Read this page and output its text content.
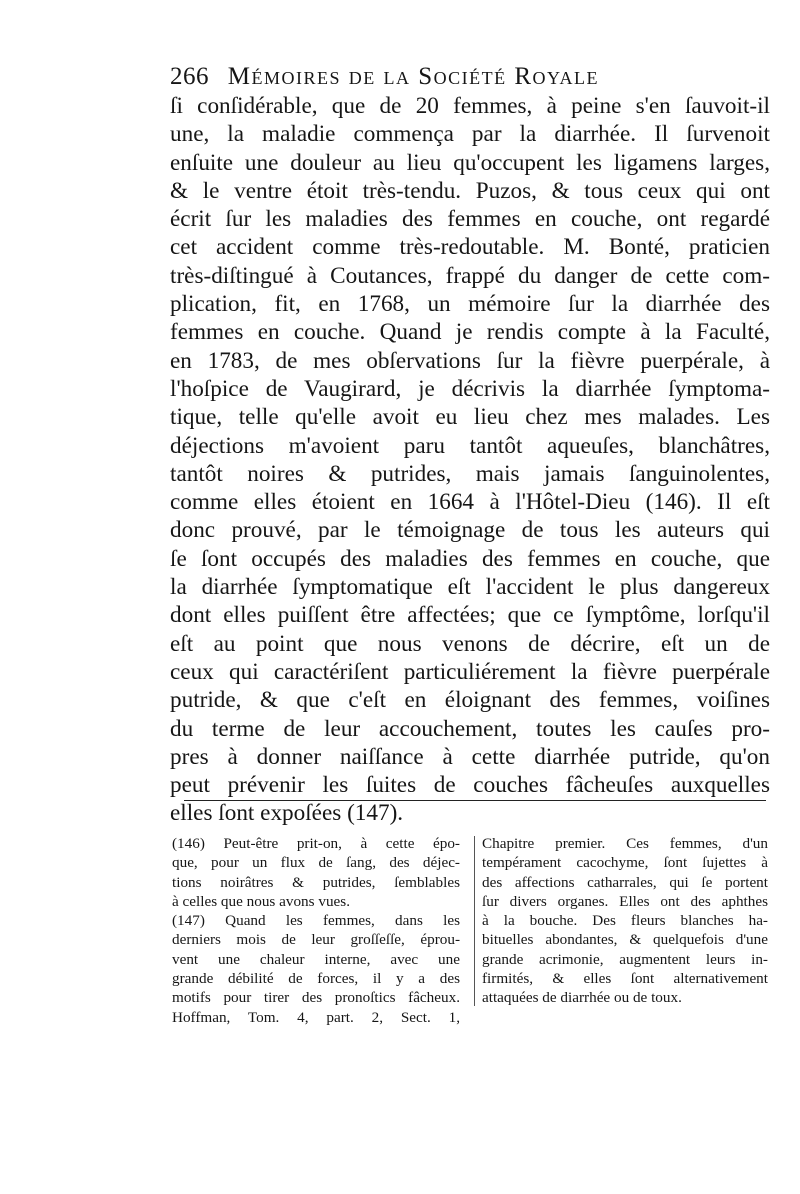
266 Mémoires de la Société Royale
ſi conſidérable, que de 20 femmes, à peine s'en ſauvoit-il
une, la maladie commença par la diarrhée. Il ſurvenoit
enſuite une douleur au lieu qu'occupent les ligamens larges,
& le ventre étoit très-tendu. Puzos, & tous ceux qui ont
écrit ſur les maladies des femmes en couche, ont regardé
cet accident comme très-redoutable. M. Bonté, praticien
très-diſtingué à Coutances, frappé du danger de cette com-
plication, fit, en 1768, un mémoire ſur la diarrhée des
femmes en couche. Quand je rendis compte à la Faculté,
en 1783, de mes obſervations ſur la fièvre puerpérale, à
l'hoſpice de Vaugirard, je décrivis la diarrhée ſymptoma-
tique, telle qu'elle avoit eu lieu chez mes malades. Les
déjections m'avoient paru tantôt aqueuſes, blanchâtres,
tantôt noires & putrides, mais jamais ſanguinolentes,
comme elles étoient en 1664 à l'Hôtel-Dieu (146). Il eſt
donc prouvé, par le témoignage de tous les auteurs qui
ſe ſont occupés des maladies des femmes en couche, que
la diarrhée ſymptomatique eſt l'accident le plus dangereux
dont elles puiſſent être affectées; que ce ſymptôme, lorſqu'il
eſt au point que nous venons de décrire, eſt un de
ceux qui caractériſent particuliérement la fièvre puerpérale
putride, & que c'eſt en éloignant des femmes, voiſines
du terme de leur accouchement, toutes les cauſes pro-
pres à donner naiſſance à cette diarrhée putride, qu'on
peut prévenir les ſuites de couches fâcheuſes auxquelles
elles ſont expoſées (147).
(146) Peut-être prit-on, à cette épo-
que, pour un flux de ſang, des déjec-
tions noirâtres & putrides, ſemblables
à celles que nous avons vues.
(147) Quand les femmes, dans les
derniers mois de leur groſſeſſe, éprou-
vent une chaleur interne, avec une
grande débilité de forces, il y a des
motifs pour tirer des pronoſtics fâcheux.
Hoffman, Tom. 4, part. 2, Sect. 1,
Chapitre premier. Ces femmes, d'un
tempérament cacochyme, ſont ſujettes à
des affections catharrales, qui ſe portent
ſur divers organes. Elles ont des aphthes
à la bouche. Des fleurs blanches ha-
bituelles abondantes, & quelquefois d'une
grande acrimonie, augmentent leurs in-
firmités, & elles ſont alternativement
attaquées de diarrhée ou de toux.
